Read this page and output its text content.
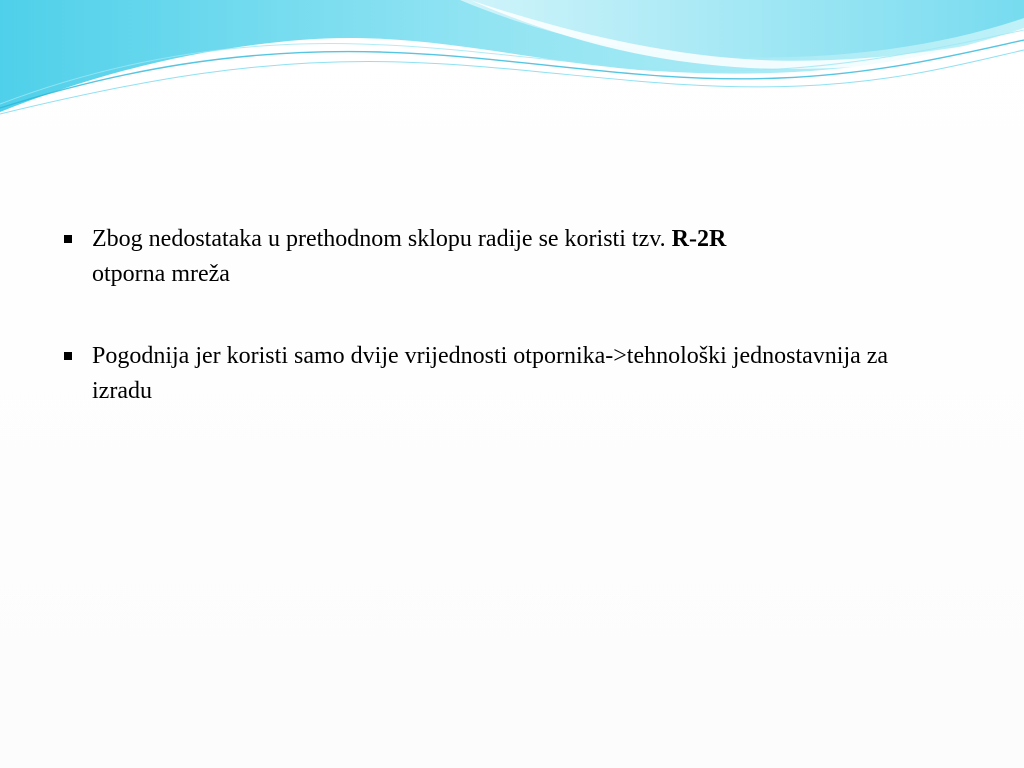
Zbog nedostataka u prethodnom sklopu radije se koristi tzv. R-2R
otporna mreža
Pogodnija jer koristi samo dvije vrijednosti otpornika->tehnološki jednostavnija za izradu
